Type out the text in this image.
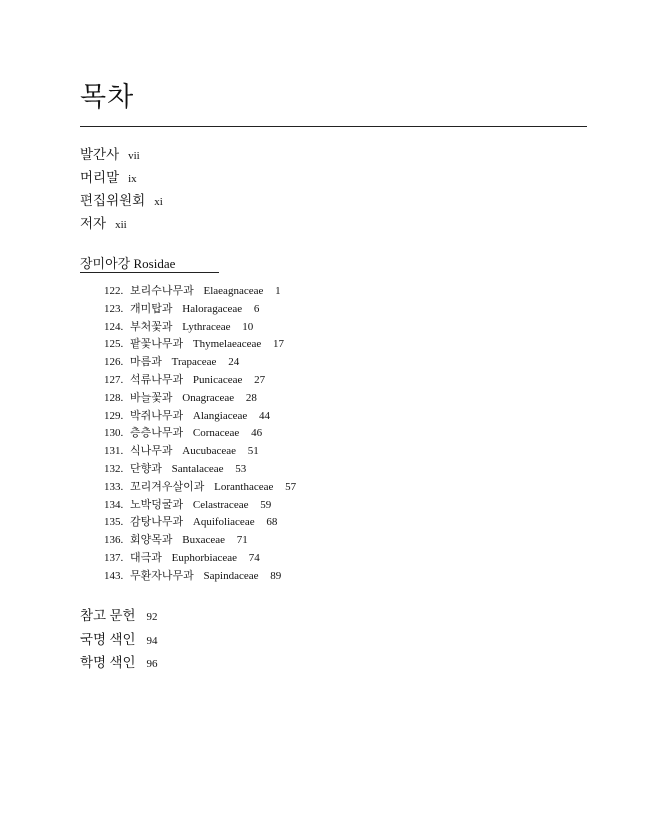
목차
발간사 vii
머리말 ix
편집위원회 xi
저자 xii
장미아강 Rosidae
122. 보리수나무과 Elaeagnaceae 1
123. 개미탑과 Haloragaceae 6
124. 부처꽃과 Lythraceae 10
125. 팥꽃나무과 Thymelaeaceae 17
126. 마름과 Trapaceae 24
127. 석류나무과 Punicaceae 27
128. 바늘꽃과 Onagraceae 28
129. 박쥐나무과 Alangiaceae 44
130. 층층나무과 Cornaceae 46
131. 식나무과 Aucubaceae 51
132. 단향과 Santalaceae 53
133. 꼬리겨우살이과 Loranthaceae 57
134. 노박덩굴과 Celastraceae 59
135. 감탕나무과 Aquifoliaceae 68
136. 회양목과 Buxaceae 71
137. 대극과 Euphorbiaceae 74
143. 무환자나무과 Sapindaceae 89
참고 문헌 92
국명 색인 94
학명 색인 96
